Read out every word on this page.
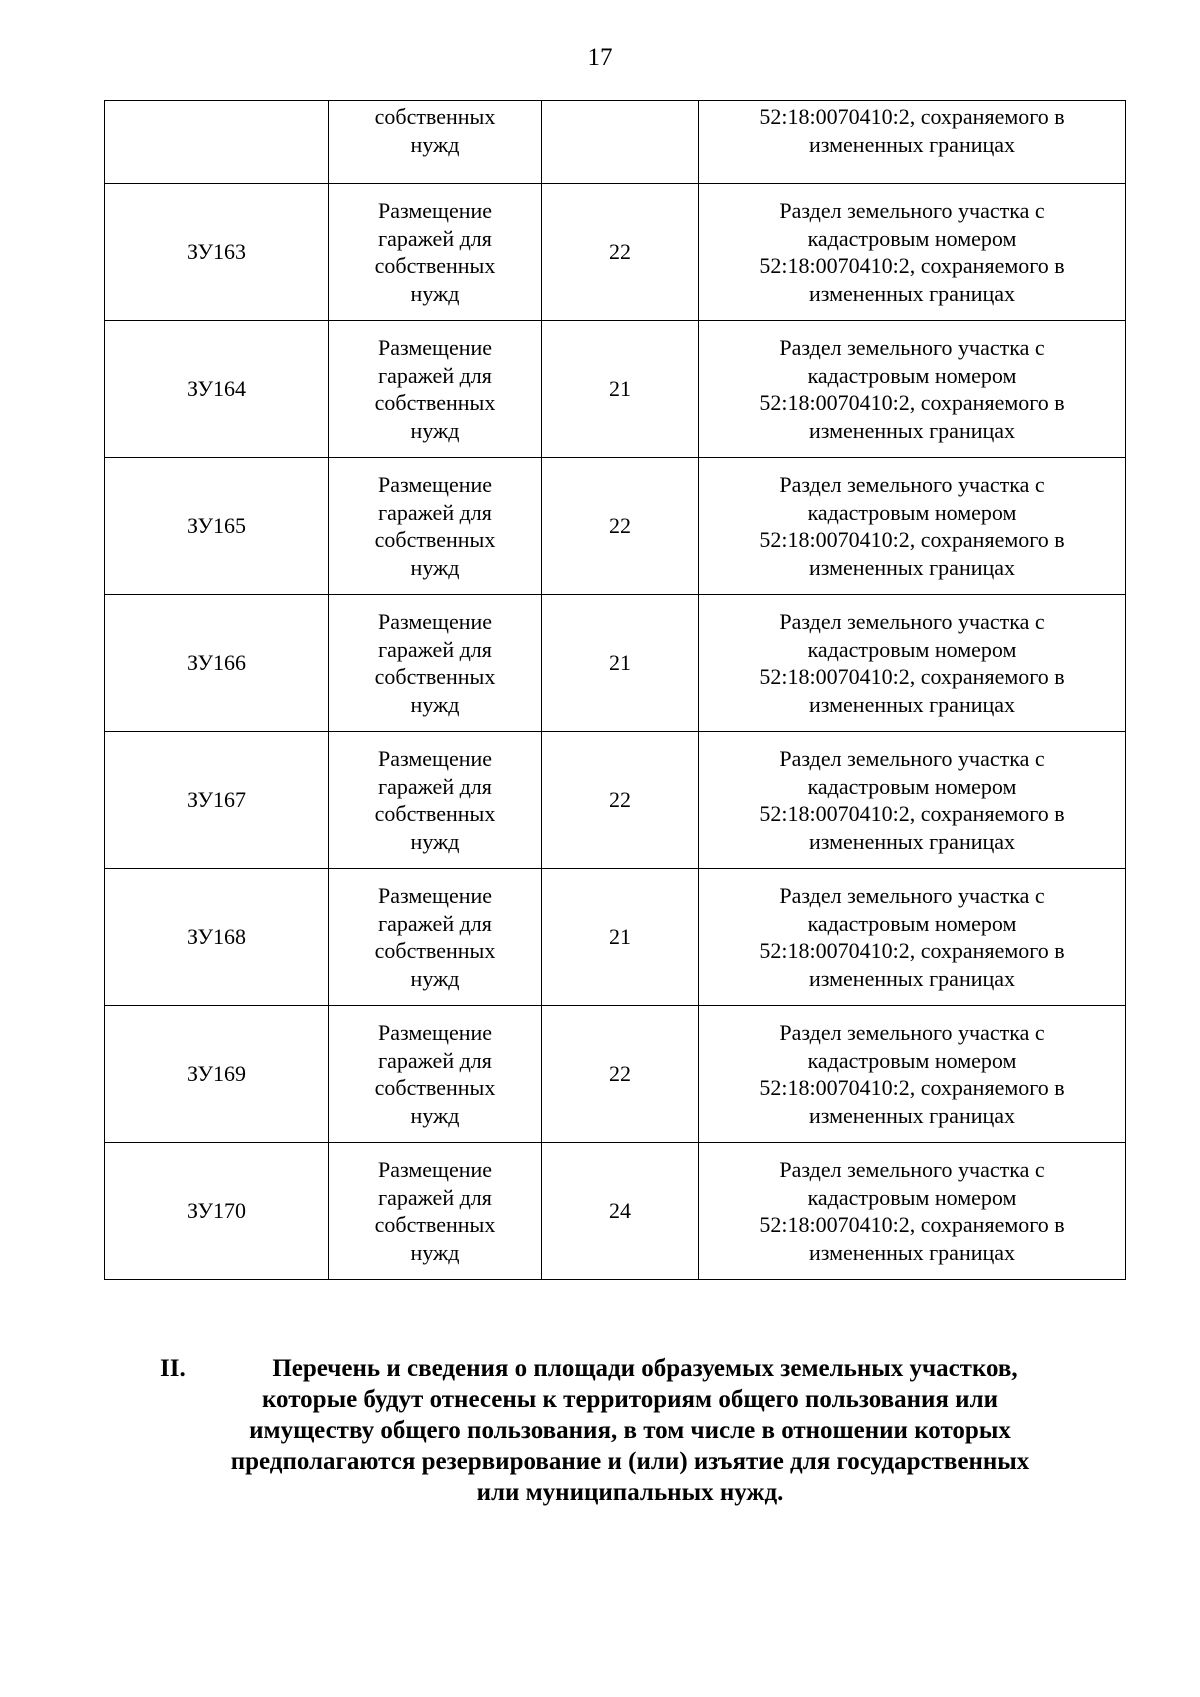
17

	собственных
нужд		52:18:0070410:2, сохраняемого в
измененных границах

ЗУ163	Размещение
гаражей для
собственных
нужд	22	Раздел земельного участка с
кадастровым номером
52:18:0070410:2, сохраняемого в
измененных границах

ЗУ164	Размещение
гаражей для
собственных
нужд	21	Раздел земельного участка с
кадастровым номером
52:18:0070410:2, сохраняемого в
измененных границах

ЗУ165	Размещение
гаражей для
собственных
нужд	22	Раздел земельного участка с
кадастровым номером
52:18:0070410:2, сохраняемого в
измененных границах

ЗУ166	Размещение
гаражей для
собственных
нужд	21	Раздел земельного участка с
кадастровым номером
52:18:0070410:2, сохраняемого в
измененных границах

ЗУ167	Размещение
гаражей для
собственных
нужд	22	Раздел земельного участка с
кадастровым номером
52:18:0070410:2, сохраняемого в
измененных границах

ЗУ168	Размещение
гаражей для
собственных
нужд	21	Раздел земельного участка с
кадастровым номером
52:18:0070410:2, сохраняемого в
измененных границах

ЗУ169	Размещение
гаражей для
собственных
нужд	22	Раздел земельного участка с
кадастровым номером
52:18:0070410:2, сохраняемого в
измененных границах

ЗУ170	Размещение
гаражей для
собственных
нужд	24	Раздел земельного участка с
кадастровым номером
52:18:0070410:2, сохраняемого в
измененных границах
II.	Перечень и сведения о площади образуемых земельных участков,
которые будут отнесены к территориям общего пользования или
имуществу общего пользования, в том числе в отношении которых
предполагаются резервирование и (или) изъятие для государственных
или муниципальных нужд.
